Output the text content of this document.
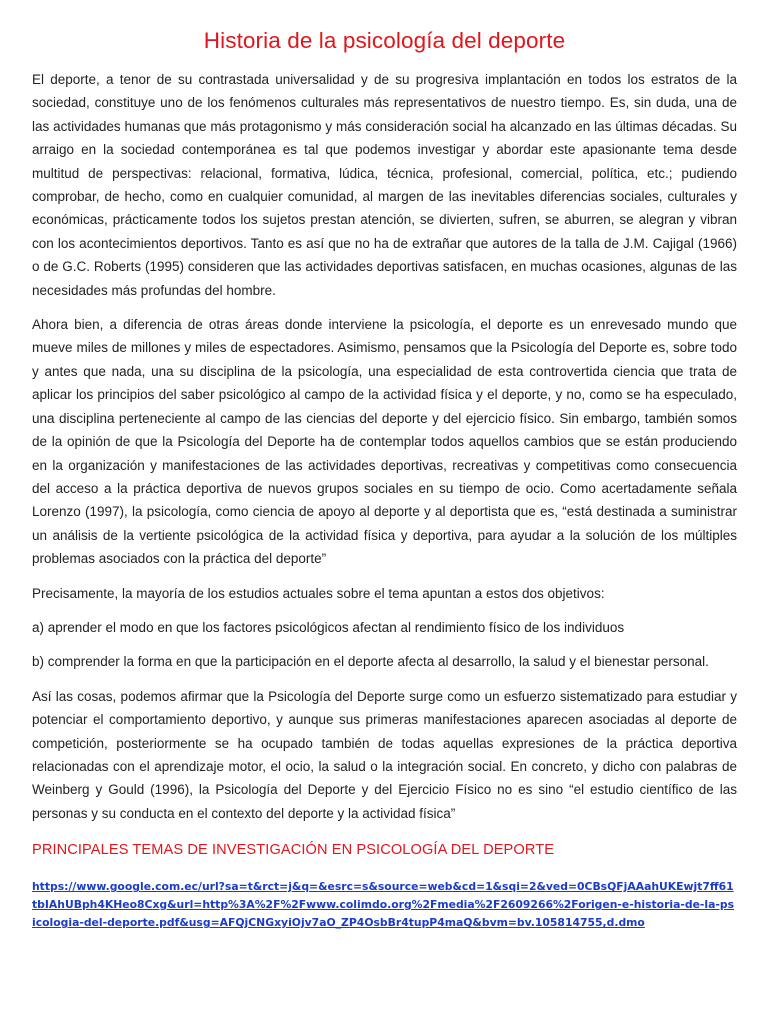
Historia de la psicología del deporte

El deporte, a tenor de su contrastada universalidad y de su progresiva implantación en todos los estratos de la sociedad, constituye uno de los fenómenos culturales más representativos de nuestro tiempo. Es, sin duda, una de las actividades humanas que más protagonismo y más consideración social ha alcanzado en las últimas décadas. Su arraigo en la sociedad contemporánea es tal que podemos investigar y abordar este apasionante tema desde multitud de perspectivas: relacional, formativa, lúdica, técnica, profesional, comercial, política, etc.; pudiendo comprobar, de hecho, como en cualquier comunidad, al margen de las inevitables diferencias sociales, culturales y económicas, prácticamente todos los sujetos prestan atención, se divierten, sufren, se aburren, se alegran y vibran con los acontecimientos deportivos. Tanto es así que no ha de extrañar que autores de la talla de J.M. Cajigal (1966) o de G.C. Roberts (1995) consideren que las actividades deportivas satisfacen, en muchas ocasiones, algunas de las necesidades más profundas del hombre.

Ahora bien, a diferencia de otras áreas donde interviene la psicología, el deporte es un enrevesado mundo que mueve miles de millones y miles de espectadores. Asimismo, pensamos que la Psicología del Deporte es, sobre todo y antes que nada, una su disciplina de la psicología, una especialidad de esta controvertida ciencia que trata de aplicar los principios del saber psicológico al campo de la actividad física y el deporte, y no, como se ha especulado, una disciplina perteneciente al campo de las ciencias del deporte y del ejercicio físico. Sin embargo, también somos de la opinión de que la Psicología del Deporte ha de contemplar todos aquellos cambios que se están produciendo en la organización y manifestaciones de las actividades deportivas, recreativas y competitivas como consecuencia del acceso a la práctica deportiva de nuevos grupos sociales en su tiempo de ocio. Como acertadamente señala Lorenzo (1997), la psicología, como ciencia de apoyo al deporte y al deportista que es, “está destinada a suministrar un análisis de la vertiente psicológica de la actividad física y deportiva, para ayudar a la solución de los múltiples problemas asociados con la práctica del deporte”

Precisamente, la mayoría de los estudios actuales sobre el tema apuntan a estos dos objetivos:

a) aprender el modo en que los factores psicológicos afectan al rendimiento físico de los individuos

b) comprender la forma en que la participación en el deporte afecta al desarrollo, la salud y el bienestar personal.

Así las cosas, podemos afirmar que la Psicología del Deporte surge como un esfuerzo sistematizado para estudiar y potenciar el comportamiento deportivo, y aunque sus primeras manifestaciones aparecen asociadas al deporte de competición, posteriormente se ha ocupado también de todas aquellas expresiones de la práctica deportiva relacionadas con el aprendizaje motor, el ocio, la salud o la integración social. En concreto, y dicho con palabras de Weinberg y Gould (1996), la Psicología del Deporte y del Ejercicio Físico no es sino “el estudio científico de las personas y su conducta en el contexto del deporte y la actividad física”

PRINCIPALES TEMAS DE INVESTIGACIÓN EN PSICOLOGÍA DEL DEPORTE
https://www.google.com.ec/url?sa=t&rct=j&q=&esrc=s&source=web&cd=1&sqi=2&ved=0CBsQFjAAahUKEwjt7ff61tbIAhUBph4KHeo8Cxg&url=http%3A%2F%2Fwww.colimdo.org%2Fmedia%2F2609266%2Forigen-e-historia-de-la-psicologia-del-deporte.pdf&usg=AFQjCNGxyiOjv7aO_ZP4OsbBr4tupP4maQ&bvm=bv.105814755,d.dmo
